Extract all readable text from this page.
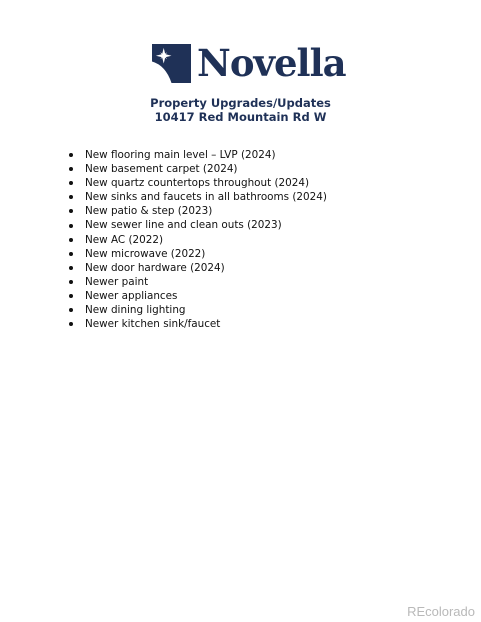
Novella
Property Upgrades/Updates
10417 Red Mountain Rd W
New flooring main level – LVP (2024)
New basement carpet (2024)
New quartz countertops throughout (2024)
New sinks and faucets in all bathrooms (2024)
New patio & step (2023)
New sewer line and clean outs (2023)
New AC (2022)
New microwave (2022)
New door hardware (2024)
Newer paint
Newer appliances
New dining lighting
Newer kitchen sink/faucet
REcolorado
